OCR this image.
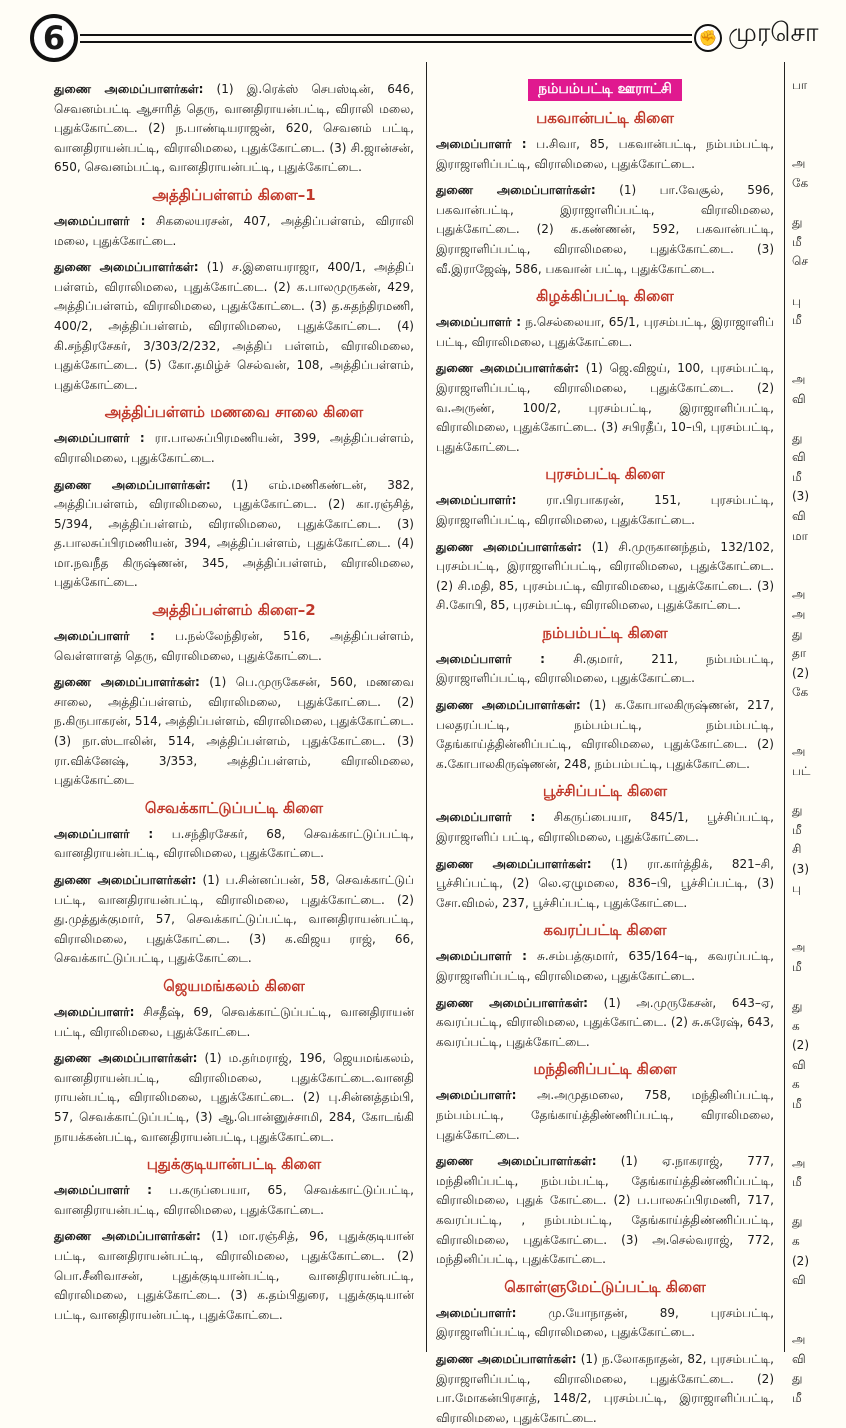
6	✊ முரசொ

துணை அமைப்பாளர்கள்: (1) இ.ரெக்ஸ் செபஸ்டின், 646, செவனம்பட்டி ஆசாரித் தெரு, வானதிராயன்பட்டி, விராலி மலை, புதுக்கோட்டை. (2) ந.பாண்டியராஜன், 620, செவனம் பட்டி, வானதிராயன்பட்டி, விராலிமலை, புதுக்கோட்டை. (3) சி.ஜான்சன், 650, செவனம்பட்டி, வானதிராயன்பட்டி, புதுக்கோட்டை.

அத்திப்பள்ளம் கிளை–1

அமைப்பாளர் : சிகலையரசன், 407, அத்திப்பள்ளம், விராலி மலை, புதுக்கோட்டை.

துணை அமைப்பாளர்கள்: (1) ச.இளையராஜா, 400/1, அத்திப் பள்ளம், விராலிமலை, புதுக்கோட்டை. (2) க.பாலமுருகன், 429, அத்திப்பள்ளம், விராலிமலை, புதுக்கோட்டை. (3) த.சுதந்திரமணி, 400/2, அத்திப்பள்ளம், விராலிமலை, புதுக்கோட்டை. (4) கி.சந்திரசேகர், 3/303/2/232, அத்திப் பள்ளம், விராலிமலை, புதுக்கோட்டை. (5) கோ.தமிழ்ச் செல்வன், 108, அத்திப்பள்ளம், புதுக்கோட்டை.

அத்திப்பள்ளம் மணவை சாலை கிளை

அமைப்பாளர் : ரா.பாலசுப்பிரமணியன், 399, அத்திப்பள்ளம், விராலிமலை, புதுக்கோட்டை.

துணை அமைப்பாளர்கள்: (1) எம்.மணிகண்டன், 382, அத்திப்பள்ளம், விராலிமலை, புதுக்கோட்டை. (2) கா.ரஞ்சித், 5/394, அத்திப்பள்ளம், விராலிமலை, புதுக்கோட்டை. (3) த.பாலசுப்பிரமணியன், 394, அத்திப்பள்ளம், புதுக்கோட்டை. (4) மா.நவநீத கிருஷ்ணன், 345, அத்திப்பள்ளம், விராலிமலை, புதுக்கோட்டை.

அத்திப்பள்ளம் கிளை–2

அமைப்பாளர் : ப.நல்லேந்திரன், 516, அத்திப்பள்ளம், வெள்ளாளத் தெரு, விராலிமலை, புதுக்கோட்டை.

துணை அமைப்பாளர்கள்: (1) பெ.முருகேசன், 560, மணவை சாலை, அத்திப்பள்ளம், விராலிமலை, புதுக்கோட்டை. (2) ந.கிருபாகரன், 514, அத்திப்பள்ளம், விராலிமலை, புதுக்கோட்டை. (3) நா.ஸ்டாலின், 514, அத்திப்பள்ளம், புதுக்கோட்டை. (3) ரா.விக்னேஷ், 3/353, அத்திப்பள்ளம், விராலிமலை, புதுக்கோட்டை

செவக்காட்டுப்பட்டி கிளை

அமைப்பாளர் : ப.சந்திரசேகர், 68, செவக்காட்டுப்பட்டி, வானதிராயன்பட்டி, விராலிமலை, புதுக்கோட்டை.

துணை அமைப்பாளர்கள்: (1) ப.சின்னப்பன், 58, செவக்காட்டுப் பட்டி, வானதிராயன்பட்டி, விராலிமலை, புதுக்கோட்டை. (2) து.முத்துக்குமார், 57, செவக்காட்டுப்பட்டி, வானதிராயன்பட்டி, விராலிமலை, புதுக்கோட்டை. (3) க.விஜய ராஜ், 66, செவக்காட்டுப்பட்டி, புதுக்கோட்டை.

ஜெயமங்கலம் கிளை

அமைப்பாளர்: சிசதீஷ், 69, செவக்காட்டுப்பட்டி, வானதிராயன் பட்டி, விராலிமலை, புதுக்கோட்டை.

துணை அமைப்பாளர்கள்: (1) ம.தர்மராஜ், 196, ஜெயமங்கலம், வானதிராயன்பட்டி, விராலிமலை, புதுக்கோட்டை.வானதி ராயன்பட்டி, விராலிமலை, புதுக்கோட்டை. (2) பு.சின்னத்தம்பி, 57, செவக்காட்டுப்பட்டி, (3) ஆ.பொன்னுச்சாமி, 284, கோடங்கி நாயக்கன்பட்டி, வானதிராயன்பட்டி, புதுக்கோட்டை.

புதுக்குடியான்பட்டி கிளை

அமைப்பாளர் : ப.கருப்பையா, 65, செவக்காட்டுப்பட்டி, வானதிராயன்பட்டி, விராலிமலை, புதுக்கோட்டை.

துணை அமைப்பாளர்கள்: (1) மா.ரஞ்சித், 96, புதுக்குடியான் பட்டி, வானதிராயன்பட்டி, விராலிமலை, புதுக்கோட்டை. (2) பொ.சீனிவாசன், புதுக்குடியான்பட்டி, வானதிராயன்பட்டி, விராலிமலை, புதுக்கோட்டை. (3) க.தம்பிதுரை, புதுக்குடியான் பட்டி, வானதிராயன்பட்டி, புதுக்கோட்டை.

நம்பம்பட்டி ஊராட்சி
பகவான்பட்டி கிளை

அமைப்பாளர் : ப.சிவா, 85, பகவான்பட்டி, நம்பம்பட்டி, இராஜாளிப்பட்டி, விராலிமலை, புதுக்கோட்டை.

துணை அமைப்பாளர்கள்: (1) பா.வேசூல், 596, பகவான்பட்டி, இராஜாளிப்பட்டி, விராலிமலை, புதுக்கோட்டை. (2) க.கண்ணன், 592, பகவான்பட்டி, இராஜாளிப்பட்டி, விராலிமலை, புதுக்கோட்டை. (3) வீ.இராஜேஷ், 586, பகவான் பட்டி, புதுக்கோட்டை.

கிழக்கிப்பட்டி கிளை

அமைப்பாளர் : ந.செல்லையா, 65/1, புரசம்பட்டி, இராஜாளிப் பட்டி, விராலிமலை, புதுக்கோட்டை.

துணை அமைப்பாளர்கள்: (1) ஜெ.விஜய், 100, புரசம்பட்டி, இராஜாளிப்பட்டி, விராலிமலை, புதுக்கோட்டை. (2) வ.அருண், 100/2, புரசம்பட்டி, இராஜாளிப்பட்டி, விராலிமலை, புதுக்கோட்டை. (3) சபிரதீப், 10–பி, புரசம்பட்டி, புதுக்கோட்டை.

புரசம்பட்டி கிளை

அமைப்பாளர்: ரா.பிரபாகரன், 151, புரசம்பட்டி, இராஜாளிப்பட்டி, விராலிமலை, புதுக்கோட்டை.

துணை அமைப்பாளர்கள்: (1) சி.முருகானந்தம், 132/102, புரசம்பட்டி, இராஜாளிப்பட்டி, விராலிமலை, புதுக்கோட்டை. (2) சி.மதி, 85, புரசம்பட்டி, விராலிமலை, புதுக்கோட்டை. (3) சி.கோபி, 85, புரசம்பட்டி, விராலிமலை, புதுக்கோட்டை.

நம்பம்பட்டி கிளை

அமைப்பாளர் : சி.குமார், 211, நம்பம்பட்டி, இராஜாளிப்பட்டி, விராலிமலை, புதுக்கோட்டை.

துணை அமைப்பாளர்கள்: (1) க.கோபாலகிருஷ்ணன், 217, பலதரப்பட்டி, நம்பம்பட்டி, நம்பம்பட்டி, தேங்காய்த்தின்னிப்பட்டி, விராலிமலை, புதுக்கோட்டை. (2) க.கோபாலகிருஷ்ணன், 248, நம்பம்பட்டி, புதுக்கோட்டை.

பூச்சிப்பட்டி கிளை

அமைப்பாளர் : சிகருப்பையா, 845/1, பூச்சிப்பட்டி, இராஜாளிப் பட்டி, விராலிமலை, புதுக்கோட்டை.

துணை அமைப்பாளர்கள்: (1) ரா.கார்த்திக், 821–சி, பூச்சிப்பட்டி, (2) லெ.ஏழுமலை, 836–பி, பூச்சிப்பட்டி, (3) சோ.விமல், 237, பூச்சிப்பட்டி, புதுக்கோட்டை.

கவரப்பட்டி கிளை

அமைப்பாளர் : சு.சம்பத்குமார், 635/164–டி, கவரப்பட்டி, இராஜாளிப்பட்டி, விராலிமலை, புதுக்கோட்டை.

துணை அமைப்பாளர்கள்: (1) அ.முருகேசன், 643–ஏ, கவரப்பட்டி, விராலிமலை, புதுக்கோட்டை. (2) சு.சுரேஷ், 643, கவரப்பட்டி, புதுக்கோட்டை.

மந்தினிப்பட்டி கிளை

அமைப்பாளர்: அ.அமுதமலை, 758, மந்தினிப்பட்டி, நம்பம்பட்டி, தேங்காய்த்திண்ணிப்பட்டி, விராலிமலை, புதுக்கோட்டை.

துணை அமைப்பாளர்கள்: (1) ஏ.நாகராஜ், 777, மந்தினிப்பட்டி, நம்பம்பட்டி, தேங்காய்த்திண்ணிப்பட்டி, விராலிமலை, புதுக் கோட்டை. (2) ப.பாலசுப்பிரமணி, 717, கவரப்பட்டி, , நம்பம்பட்டி, தேங்காய்த்திண்ணிப்பட்டி, விராலிமலை, புதுக்கோட்டை. (3) அ.செல்வராஜ், 772, மந்தினிப்பட்டி, புதுக்கோட்டை.

கொள்ளுமேட்டுப்பட்டி கிளை

அமைப்பாளர்: மு.யோநாதன், 89, புரசம்பட்டி, இராஜாளிப்பட்டி, விராலிமலை, புதுக்கோட்டை.

துணை அமைப்பாளர்கள்: (1) ந.லோகநாதன், 82, புரசம்பட்டி, இராஜாளிப்பட்டி, விராலிமலை, புதுக்கோட்டை. (2) பா.மோகன்பிரசாத், 148/2, புரசம்பட்டி, இராஜாளிப்பட்டி, விராலிமலை, புதுக்கோட்டை.

பா

அ
கே

து
மீ
செ

பு
மீ

அ
வி

து
வி
மீ
(3)
வி
மா

அ
அ
து
தா
(2)
கே

அ
பட்

து
மீ
சி
(3)
பு

அ
மீ

து
க
(2)
வி
க
மீ

அ
மீ

து
க
(2)
வி

அ
வி
து
மீ
